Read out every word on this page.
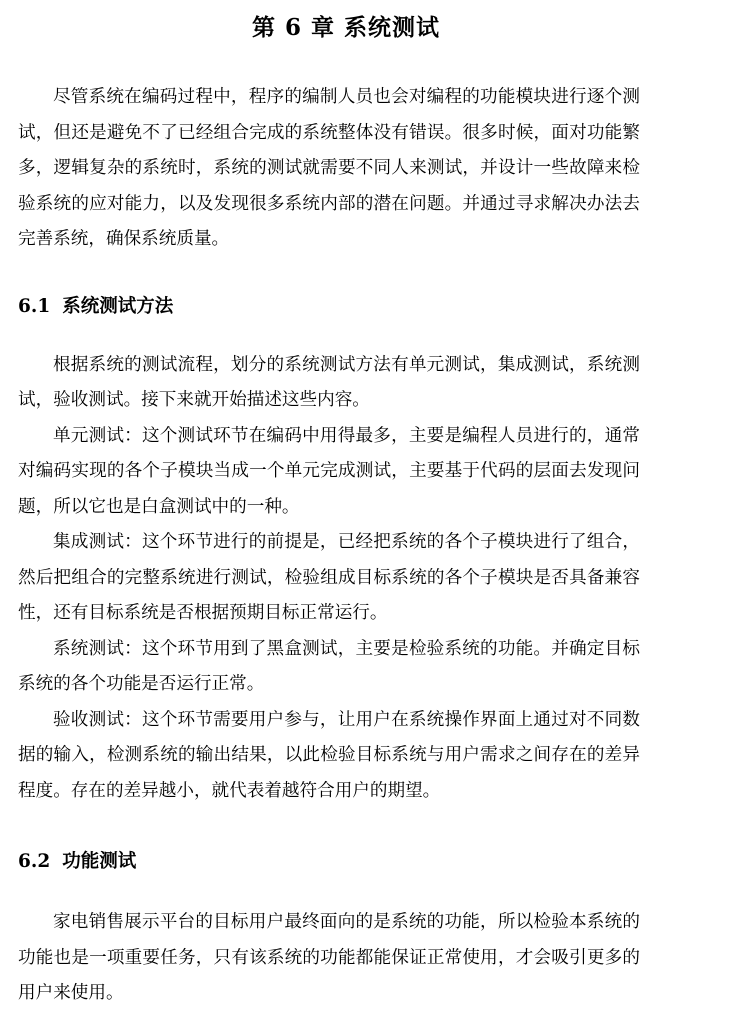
第 6 章 系统测试

尽管系统在编码过程中，程序的编制人员也会对编程的功能模块进行逐个测试，但还是避免不了已经组合完成的系统整体没有错误。很多时候，面对功能繁多，逻辑复杂的系统时，系统的测试就需要不同人来测试，并设计一些故障来检验系统的应对能力，以及发现很多系统内部的潜在问题。并通过寻求解决办法去完善系统，确保系统质量。

6.1 系统测试方法

根据系统的测试流程，划分的系统测试方法有单元测试，集成测试，系统测试，验收测试。接下来就开始描述这些内容。

单元测试：这个测试环节在编码中用得最多，主要是编程人员进行的，通常对编码实现的各个子模块当成一个单元完成测试，主要基于代码的层面去发现问题，所以它也是白盒测试中的一种。

集成测试：这个环节进行的前提是，已经把系统的各个子模块进行了组合，然后把组合的完整系统进行测试，检验组成目标系统的各个子模块是否具备兼容性，还有目标系统是否根据预期目标正常运行。

系统测试：这个环节用到了黑盒测试，主要是检验系统的功能。并确定目标系统的各个功能是否运行正常。

验收测试：这个环节需要用户参与，让用户在系统操作界面上通过对不同数据的输入，检测系统的输出结果，以此检验目标系统与用户需求之间存在的差异程度。存在的差异越小，就代表着越符合用户的期望。

6.2 功能测试

家电销售展示平台的目标用户最终面向的是系统的功能，所以检验本系统的功能也是一项重要任务，只有该系统的功能都能保证正常使用，才会吸引更多的用户来使用。
